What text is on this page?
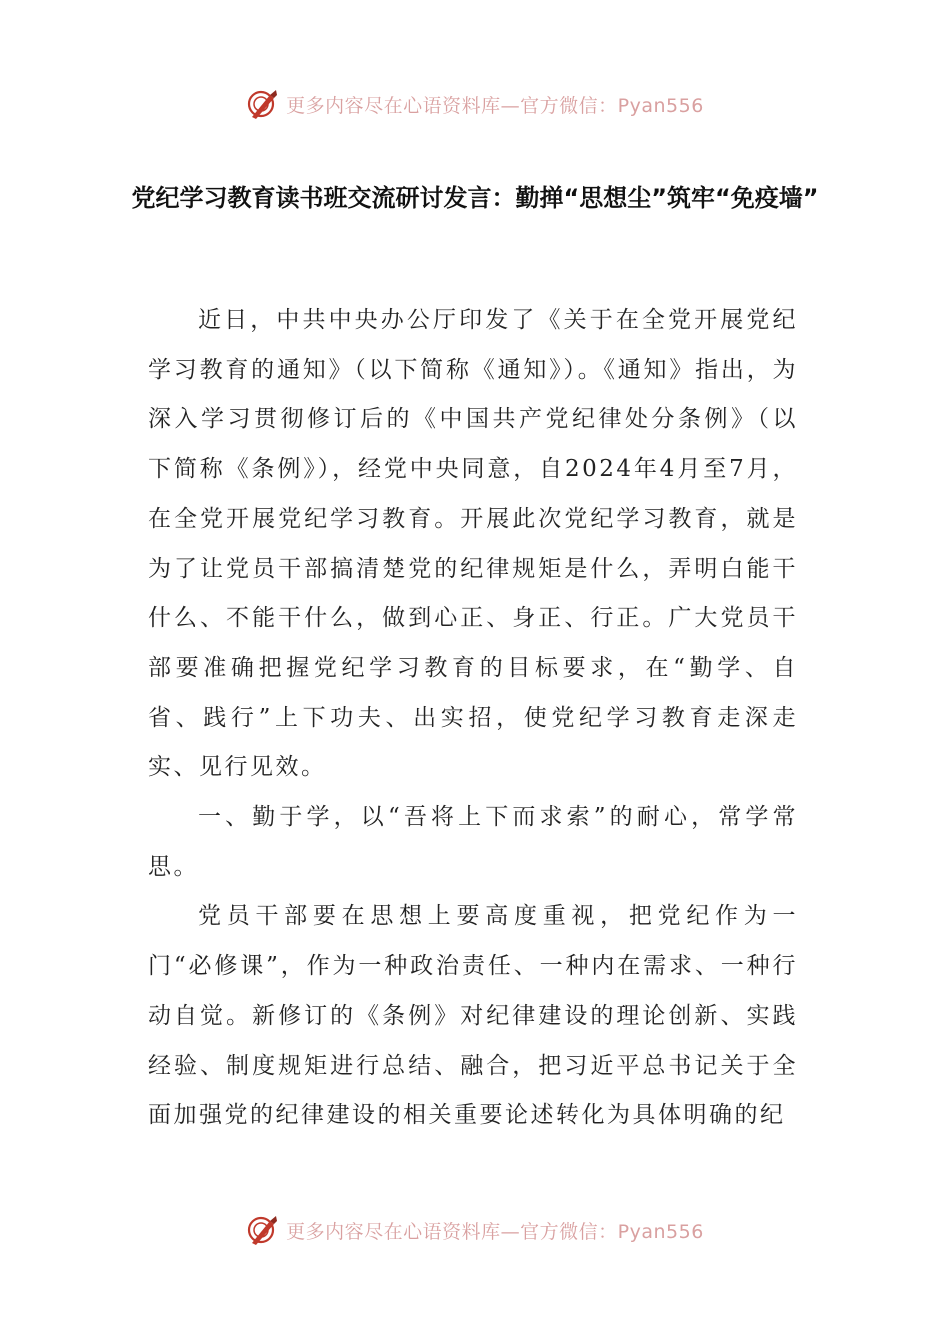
更多内容尽在心语资料库—官方微信：Pyan556
党纪学习教育读书班交流研讨发言：勤掸“思想尘”筑牢“免疫墙”

近日，中共中央办公厅印发了《关于在全党开展党纪学习教育的通知》（以下简称《通知》）。《通知》指出，为深入学习贯彻修订后的《中国共产党纪律处分条例》（以下简称《条例》），经党中央同意，自2024年4月至7月，在全党开展党纪学习教育。开展此次党纪学习教育，就是为了让党员干部搞清楚党的纪律规矩是什么，弄明白能干什么、不能干什么，做到心正、身正、行正。广大党员干部要准确把握党纪学习教育的目标要求，在“勤学、自省、践行”上下功夫、出实招，使党纪学习教育走深走实、见行见效。

一、勤于学，以“吾将上下而求索”的耐心，常学常思。

党员干部要在思想上要高度重视，把党纪作为一门“必修课”，作为一种政治责任、一种内在需求、一种行动自觉。新修订的《条例》对纪律建设的理论创新、实践经验、制度规矩进行总结、融合，把习近平总书记关于全面加强党的纪律建设的相关重要论述转化为具体明确的纪

更多内容尽在心语资料库—官方微信：Pyan556
